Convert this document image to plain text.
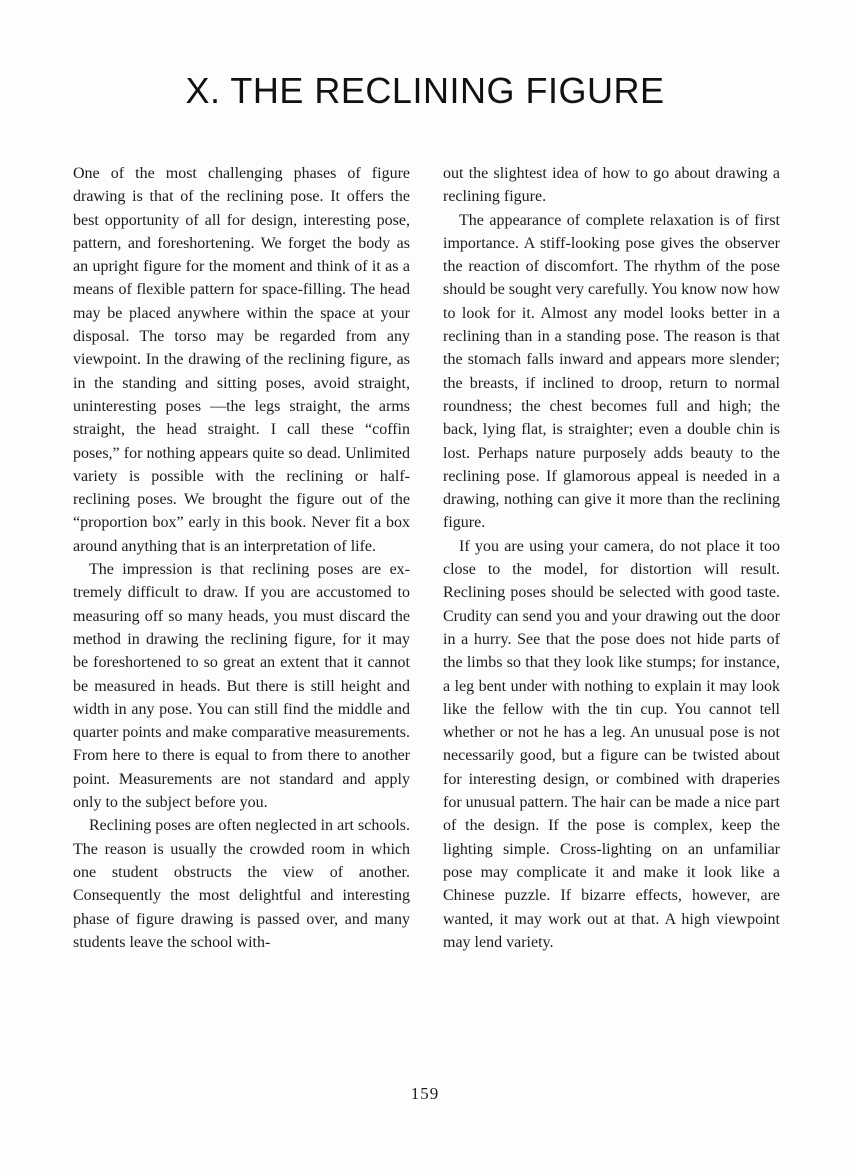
X. THE RECLINING FIGURE

One of the most challenging phases of figure drawing is that of the reclining pose. It offers the best opportunity of all for design, interesting pose, pattern, and foreshortening. We forget the body as an upright figure for the moment and think of it as a means of flexible pattern for space-filling. The head may be placed anywhere within the space at your disposal. The torso may be regarded from any viewpoint. In the drawing of the reclining figure, as in the standing and sitting poses, avoid straight, uninteresting poses —the legs straight, the arms straight, the head straight. I call these “coffin poses,” for nothing appears quite so dead. Unlimited variety is possible with the reclining or half-reclining poses. We brought the figure out of the “proportion box” early in this book. Never fit a box around anything that is an interpretation of life.

The impression is that reclining poses are extremely difficult to draw. If you are accustomed to measuring off so many heads, you must discard the method in drawing the reclining figure, for it may be foreshortened to so great an extent that it cannot be measured in heads. But there is still height and width in any pose. You can still find the middle and quarter points and make comparative measurements. From here to there is equal to from there to another point. Measurements are not standard and apply only to the subject before you.

Reclining poses are often neglected in art schools. The reason is usually the crowded room in which one student obstructs the view of another. Consequently the most delightful and interesting phase of figure drawing is passed over, and many students leave the school with-

out the slightest idea of how to go about drawing a reclining figure.

The appearance of complete relaxation is of first importance. A stiff-looking pose gives the observer the reaction of discomfort. The rhythm of the pose should be sought very carefully. You know now how to look for it. Almost any model looks better in a reclining than in a standing pose. The reason is that the stomach falls inward and appears more slender; the breasts, if inclined to droop, return to normal roundness; the chest becomes full and high; the back, lying flat, is straighter; even a double chin is lost. Perhaps nature purposely adds beauty to the reclining pose. If glamorous appeal is needed in a drawing, nothing can give it more than the reclining figure.

If you are using your camera, do not place it too close to the model, for distortion will result. Reclining poses should be selected with good taste. Crudity can send you and your drawing out the door in a hurry. See that the pose does not hide parts of the limbs so that they look like stumps; for instance, a leg bent under with nothing to explain it may look like the fellow with the tin cup. You cannot tell whether or not he has a leg. An unusual pose is not necessarily good, but a figure can be twisted about for interesting design, or combined with draperies for unusual pattern. The hair can be made a nice part of the design. If the pose is complex, keep the lighting simple. Cross-lighting on an unfamiliar pose may complicate it and make it look like a Chinese puzzle. If bizarre effects, however, are wanted, it may work out at that. A high viewpoint may lend variety.

159
